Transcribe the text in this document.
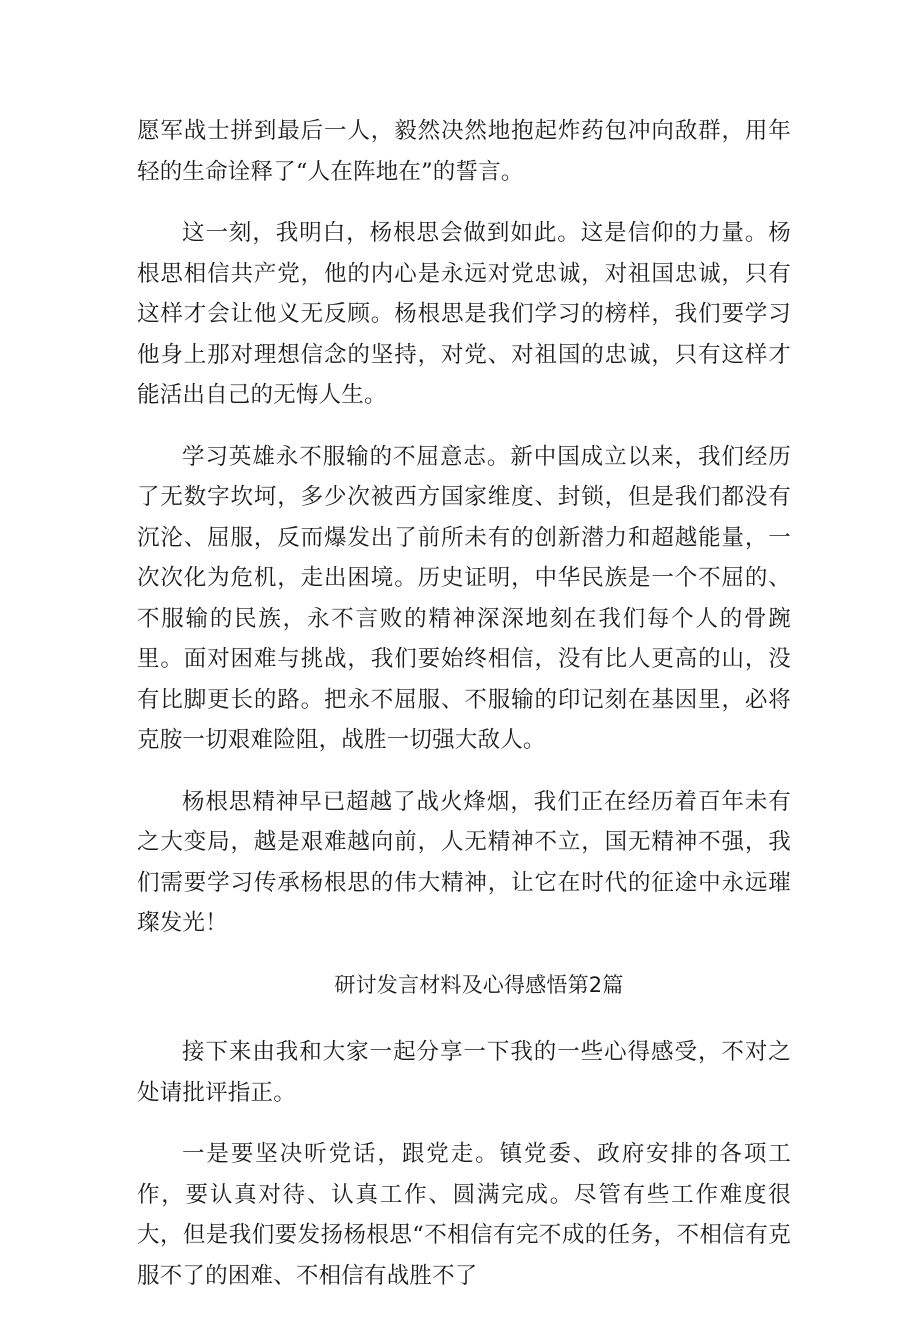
愿军战士拼到最后一人，毅然决然地抱起炸药包冲向敌群，用年轻的生命诠释了“人在阵地在”的誓言。

这一刻，我明白，杨根思会做到如此。这是信仰的力量。杨根思相信共产党，他的内心是永远对党忠诚，对祖国忠诚，只有这样才会让他义无反顾。杨根思是我们学习的榜样，我们要学习他身上那对理想信念的坚持，对党、对祖国的忠诚，只有这样才能活出自己的无悔人生。

学习英雄永不服输的不屈意志。新中国成立以来，我们经历了无数字坎坷，多少次被西方国家维度、封锁，但是我们都没有沉沦、屈服，反而爆发出了前所未有的创新潜力和超越能量，一次次化为危机，走出困境。历史证明，中华民族是一个不屈的、不服输的民族，永不言败的精神深深地刻在我们每个人的骨踠里。面对困难与挑战，我们要始终相信，没有比人更高的山，没有比脚更长的路。把永不屈服、不服输的印记刻在基因里，必将克胺一切艰难险阻，战胜一切强大敌人。

杨根思精神早已超越了战火烽烟，我们正在经历着百年未有之大变局，越是艰难越向前，人无精神不立，国无精神不强，我们需要学习传承杨根思的伟大精神，让它在时代的征途中永远璀璨发光！

研讨发言材料及心得感悟第2篇

接下来由我和大家一起分享一下我的一些心得感受，不对之处请批评指正。

一是要坚决听党话，跟党走。镇党委、政府安排的各项工作，要认真对待、认真工作、圆满完成。尽管有些工作难度很大，但是我们要发扬杨根思“不相信有完不成的任务，不相信有克服不了的困难、不相信有战胜不了
